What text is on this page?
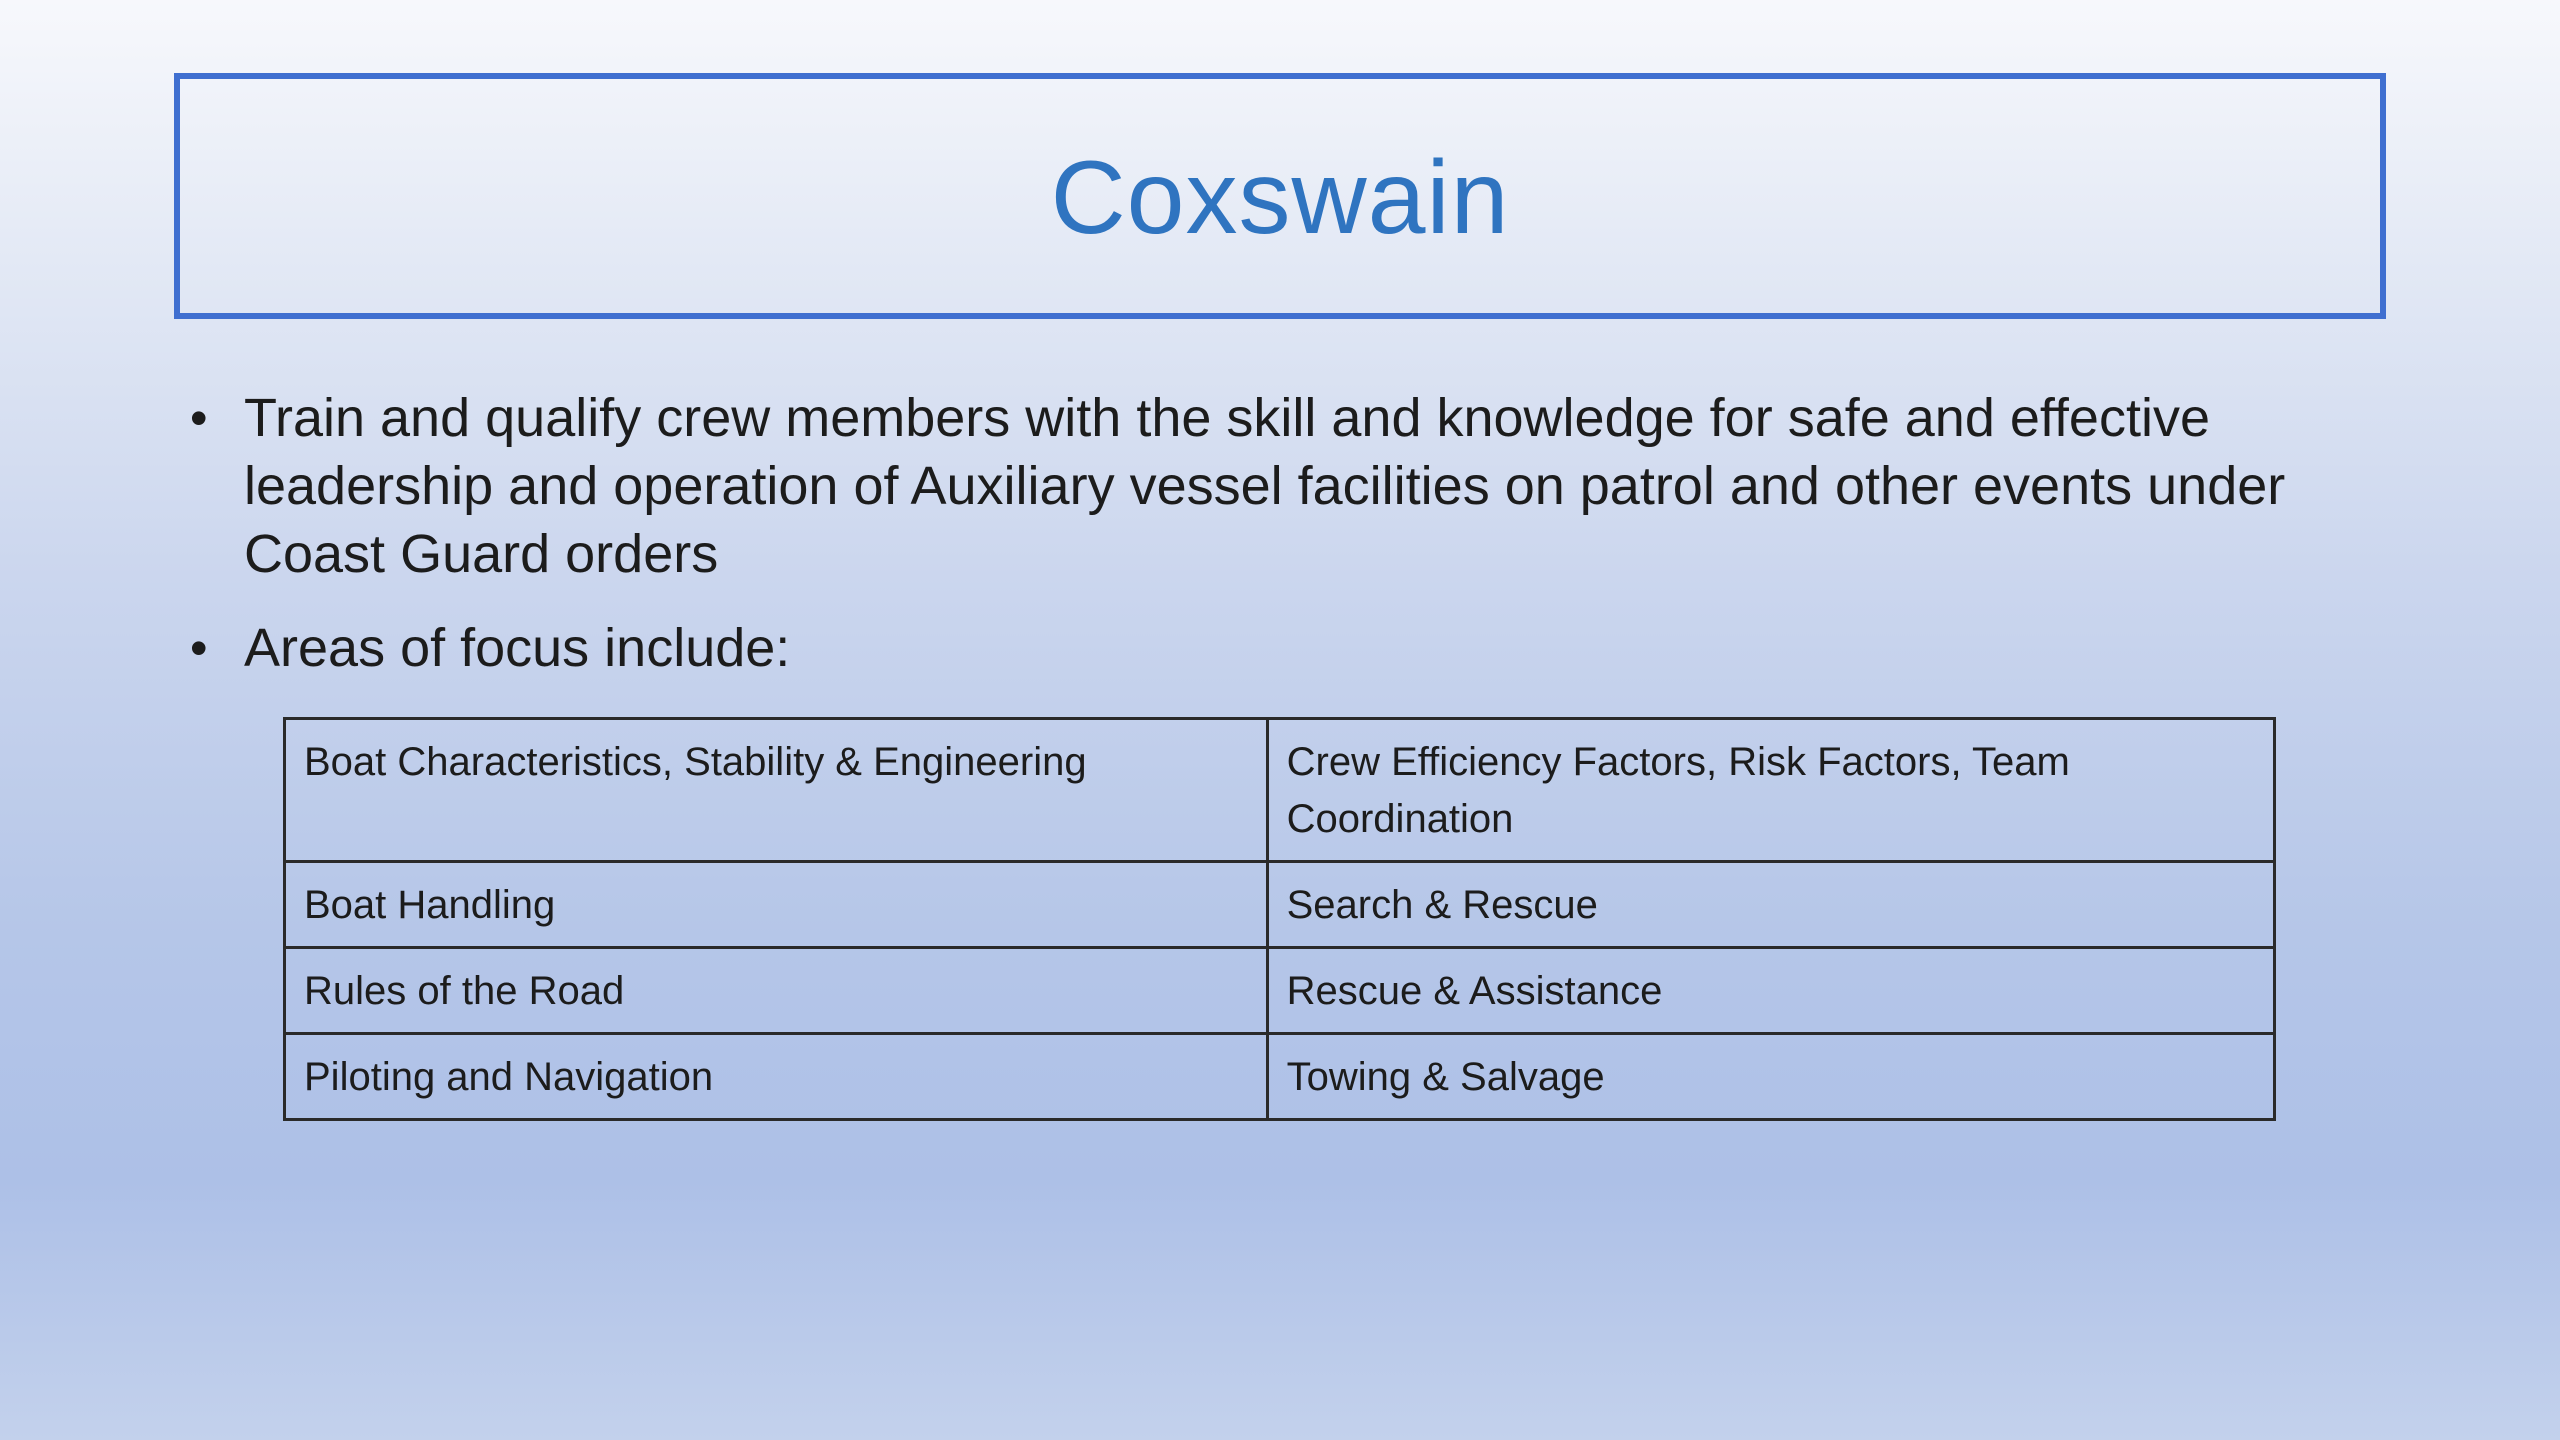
Coxswain
• Train and qualify crew members with the skill and knowledge for safe and effective leadership and operation of Auxiliary vessel facilities on patrol and other events under Coast Guard orders
• Areas of focus include:
Boat Characteristics, Stability & Engineering	Crew Efficiency Factors, Risk Factors, Team Coordination
Boat Handling	Search & Rescue
Rules of the Road	Rescue & Assistance
Piloting and Navigation	Towing & Salvage
